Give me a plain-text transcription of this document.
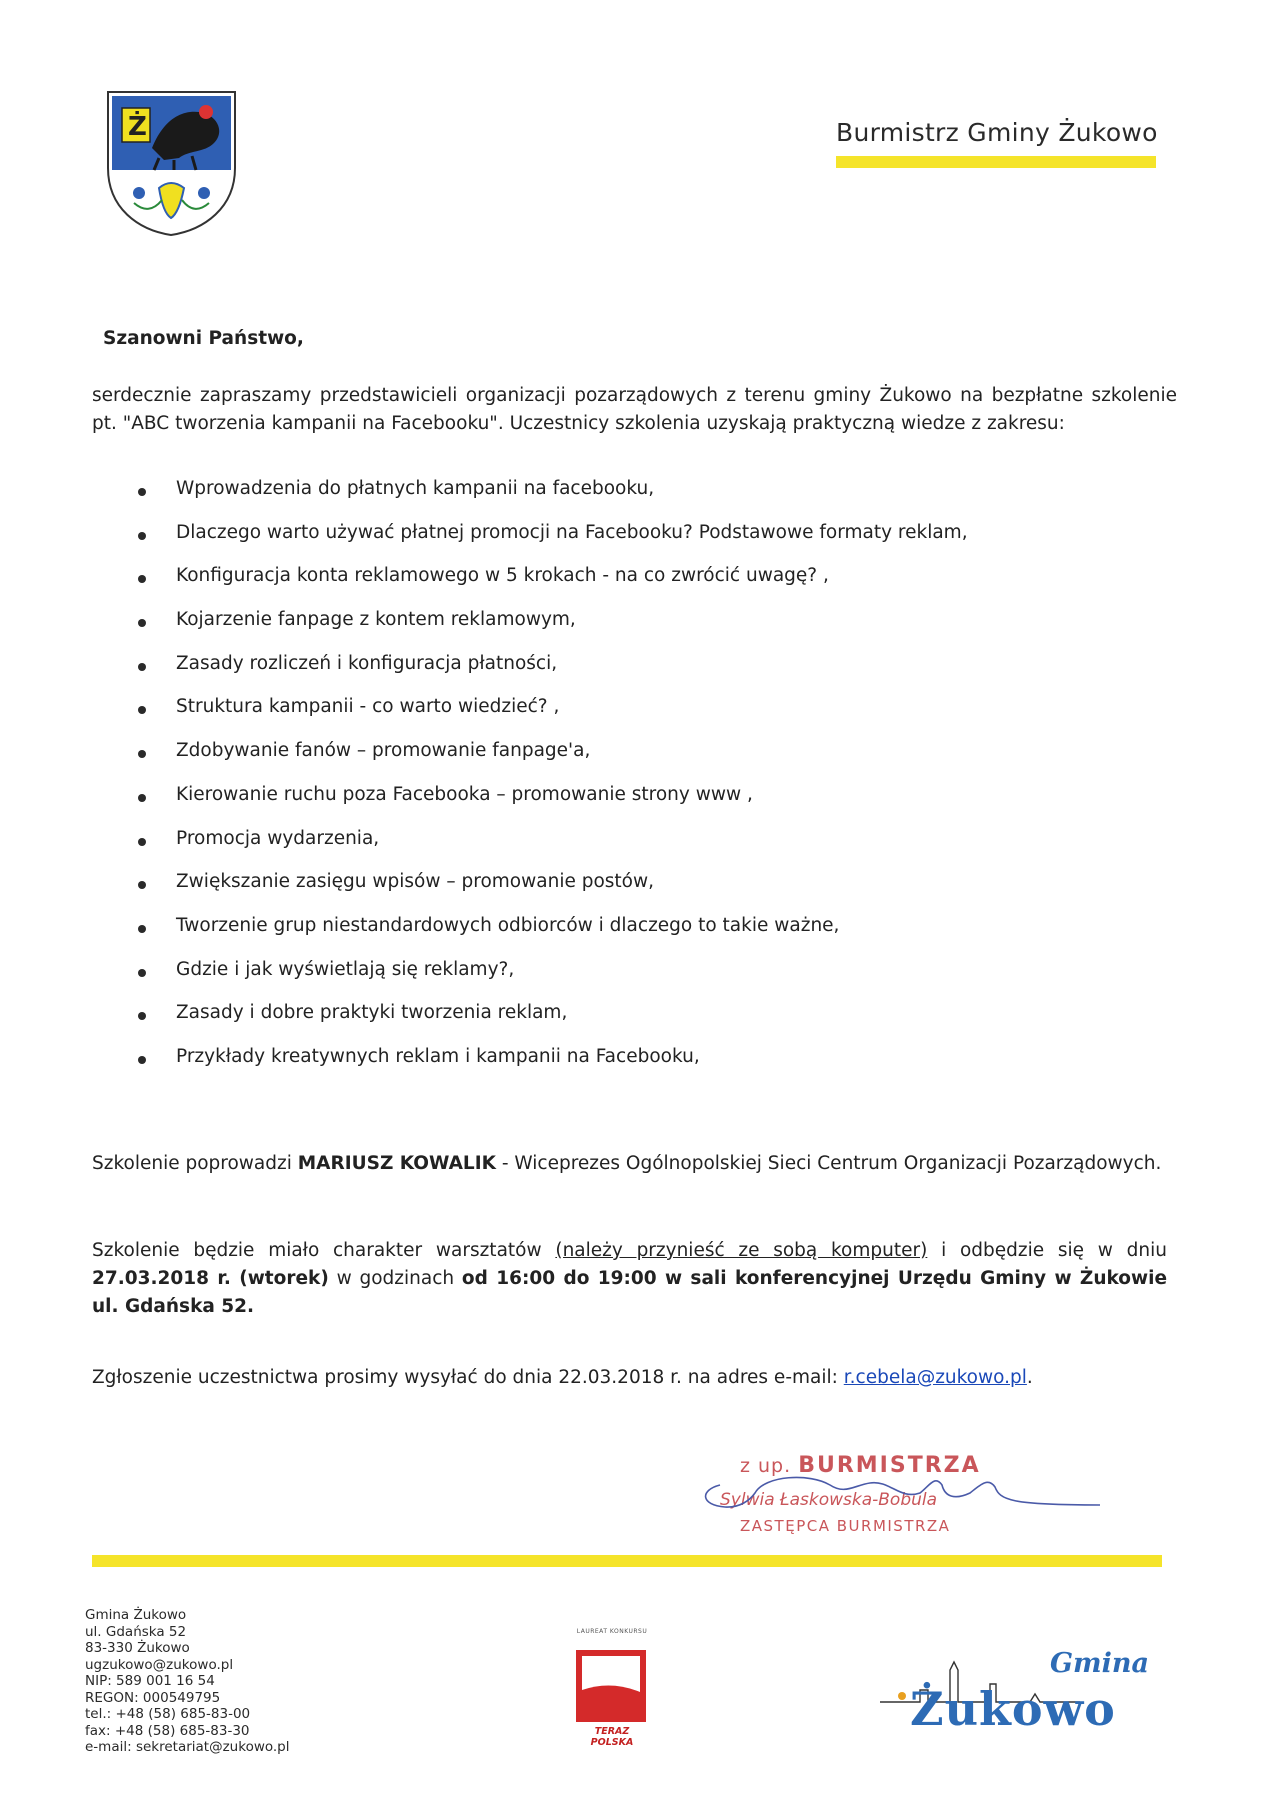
Ż	Burmistrz Gminy Żukowo
Szanowni Państwo,
serdecznie zapraszamy przedstawicieli organizacji pozarządowych z terenu gminy Żukowo na bezpłatne szkolenie pt. "ABC tworzenia kampanii na Facebooku". Uczestnicy szkolenia uzyskają praktyczną wiedze z zakresu:
Wprowadzenia do płatnych kampanii na facebooku,
Dlaczego warto używać płatnej promocji na Facebooku? Podstawowe formaty reklam,
Konfiguracja konta reklamowego w 5 krokach - na co zwrócić uwagę? ,
Kojarzenie fanpage z kontem reklamowym,
Zasady rozliczeń i konfiguracja płatności,
Struktura kampanii - co warto wiedzieć? ,
Zdobywanie fanów – promowanie fanpage'a,
Kierowanie ruchu poza Facebooka – promowanie strony www ,
Promocja wydarzenia,
Zwiększanie zasięgu wpisów – promowanie postów,
Tworzenie grup niestandardowych odbiorców i dlaczego to takie ważne,
Gdzie i jak wyświetlają się reklamy?,
Zasady i dobre praktyki tworzenia reklam,
Przykłady kreatywnych reklam i kampanii na Facebooku,
Szkolenie poprowadzi MARIUSZ KOWALIK - Wiceprezes Ogólnopolskiej Sieci Centrum Organizacji Pozarządowych.
Szkolenie będzie miało charakter warsztatów (należy przynieść ze sobą komputer) i odbędzie się w dniu 27.03.2018 r. (wtorek) w godzinach od 16:00 do 19:00 w sali konferencyjnej Urzędu Gminy w Żukowie ul. Gdańska 52.
Zgłoszenie uczestnictwa prosimy wysyłać do dnia 22.03.2018 r. na adres e-mail: r.cebela@zukowo.pl.
z up. BURMISTRZA
Sylwia Łaskowska-Bobula
ZASTĘPCA BURMISTRZA
Gmina Żukowo
ul. Gdańska 52
83-330 Żukowo
ugzukowo@zukowo.pl
NIP: 589 001 16 54
REGON: 000549795
tel.: +48 (58) 685-83-00
fax: +48 (58) 685-83-30
e-mail: sekretariat@zukowo.pl
LAUREAT KONKURSU
TERAZ POLSKA
Gmina
Żukowo
